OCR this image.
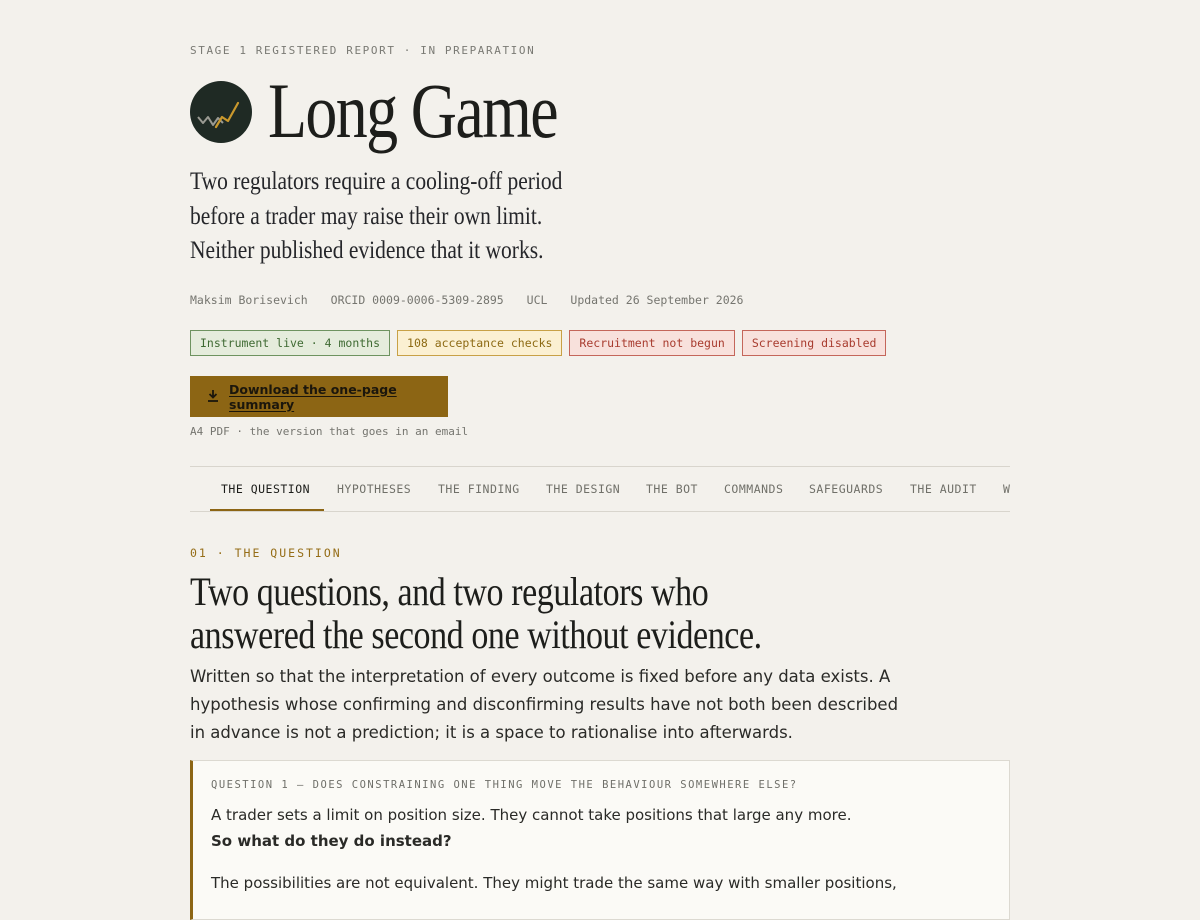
STAGE 1 REGISTERED REPORT · IN PREPARATION
Long Game
Two regulators require a cooling-off period
before a trader may raise their own limit.
Neither published evidence that it works.
Maksim Borisevich ORCID 0009-0006-5309-2895 UCL Updated 26 September 2026
Instrument live · 4 months	108 acceptance checks	Recruitment not begun	Screening disabled
Download the one-page summary
A4 PDF · the version that goes in an email
THE QUESTION HYPOTHESES THE FINDING THE DESIGN THE BOT COMMANDS SAFEGUARDS THE AUDIT W
01 · THE QUESTION
Two questions, and two regulators who
answered the second one without evidence.

Written so that the interpretation of every outcome is fixed before any data exists. A hypothesis whose confirming and disconfirming results have not both been described in advance is not a prediction; it is a space to rationalise into afterwards.

QUESTION 1 — DOES CONSTRAINING ONE THING MOVE THE BEHAVIOUR SOMEWHERE ELSE?

A trader sets a limit on position size. They cannot take positions that large any more. So what do they do instead?

The possibilities are not equivalent. They might trade the same way with smaller positions,
